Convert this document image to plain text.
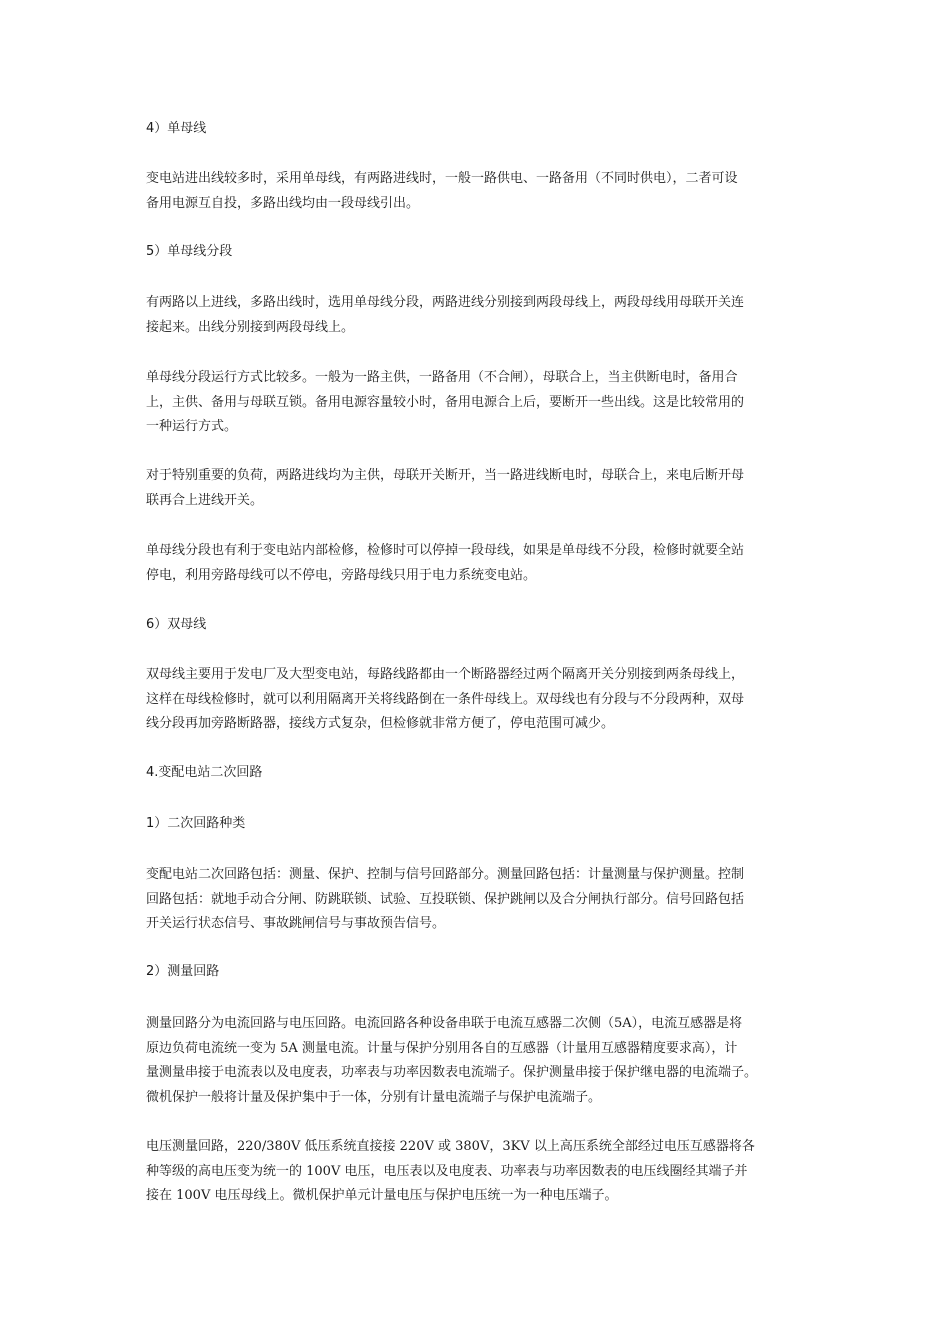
4）单母线
变电站进出线较多时，采用单母线，有两路进线时，一般一路供电、一路备用（不同时供电），二者可设
备用电源互自投，多路出线均由一段母线引出。
5）单母线分段
有两路以上进线，多路出线时，选用单母线分段，两路进线分别接到两段母线上，两段母线用母联开关连
接起来。出线分别接到两段母线上。
单母线分段运行方式比较多。一般为一路主供，一路备用（不合闸），母联合上，当主供断电时，备用合
上，主供、备用与母联互锁。备用电源容量较小时，备用电源合上后，要断开一些出线。这是比较常用的
一种运行方式。
对于特别重要的负荷，两路进线均为主供，母联开关断开，当一路进线断电时，母联合上，来电后断开母
联再合上进线开关。
单母线分段也有利于变电站内部检修，检修时可以停掉一段母线，如果是单母线不分段，检修时就要全站
停电，利用旁路母线可以不停电，旁路母线只用于电力系统变电站。
6）双母线
双母线主要用于发电厂及大型变电站，每路线路都由一个断路器经过两个隔离开关分别接到两条母线上，
这样在母线检修时，就可以利用隔离开关将线路倒在一条件母线上。双母线也有分段与不分段两种，双母
线分段再加旁路断路器，接线方式复杂，但检修就非常方便了，停电范围可减少。
4.变配电站二次回路
1）二次回路种类
变配电站二次回路包括：测量、保护、控制与信号回路部分。测量回路包括：计量测量与保护测量。控制
回路包括：就地手动合分闸、防跳联锁、试验、互投联锁、保护跳闸以及合分闸执行部分。信号回路包括
开关运行状态信号、事故跳闸信号与事故预告信号。
2）测量回路
测量回路分为电流回路与电压回路。电流回路各种设备串联于电流互感器二次侧（5A），电流互感器是将
原边负荷电流统一变为 5A 测量电流。计量与保护分别用各自的互感器（计量用互感器精度要求高），计
量测量串接于电流表以及电度表，功率表与功率因数表电流端子。保护测量串接于保护继电器的电流端子。
微机保护一般将计量及保护集中于一体，分别有计量电流端子与保护电流端子。
电压测量回路，220/380V 低压系统直接接 220V 或 380V，3KV 以上高压系统全部经过电压互感器将各
种等级的高电压变为统一的 100V 电压，电压表以及电度表、功率表与功率因数表的电压线圈经其端子并
接在 100V 电压母线上。微机保护单元计量电压与保护电压统一为一种电压端子。
